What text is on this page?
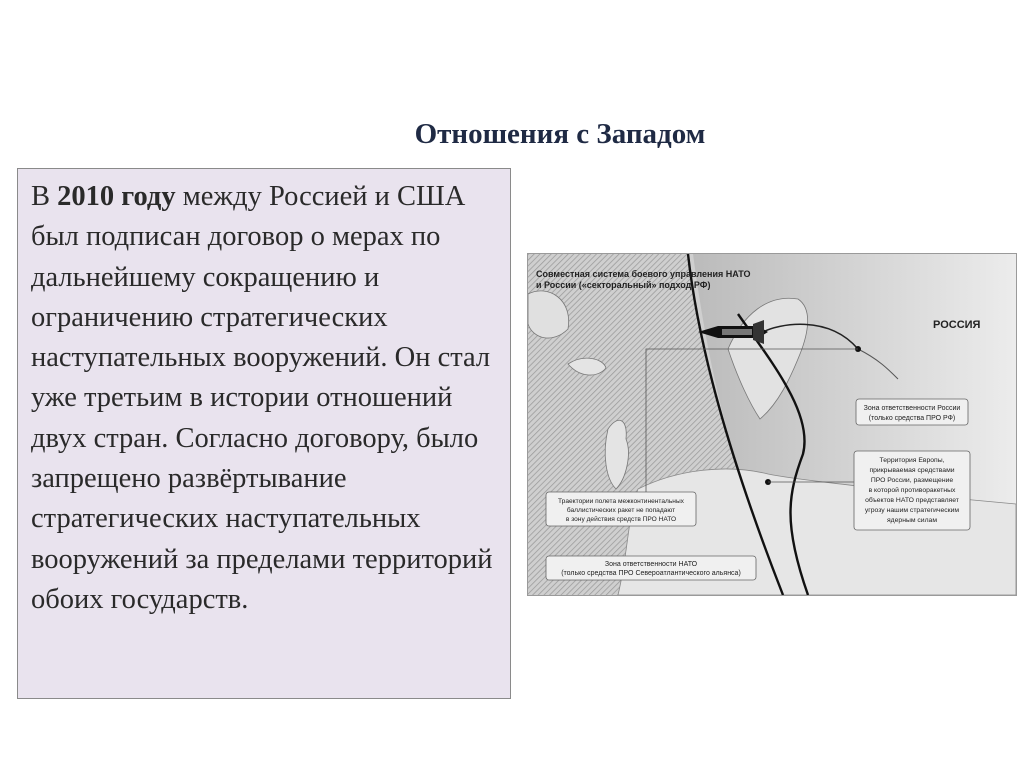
Отношения с Западом
В 2010 году между Россией и США был подписан договор о мерах по дальнейшему сокращению и ограничению стратегических наступательных вооружений. Он стал уже третьим в истории отношений двух стран. Согласно договору, было запрещено развёртывание стратегических наступательных вооружений за пределами территорий обоих государств.
Совместная система боевого управления НАТО
и России («секторальный» подход РФ)
РОССИЯ
Зона ответственности России
(только средства ПРО РФ)
Территория Европы,
прикрываемая средствами
ПРО России, размещение
в которой противоракетных
объектов НАТО представляет
угрозу нашим стратегическим
ядерным силам
Траектории полета межконтинентальных
баллистических ракет не попадают
в зону действия средств ПРО НАТО
Зона ответственности НАТО
(только средства ПРО Североатлантического альянса)
